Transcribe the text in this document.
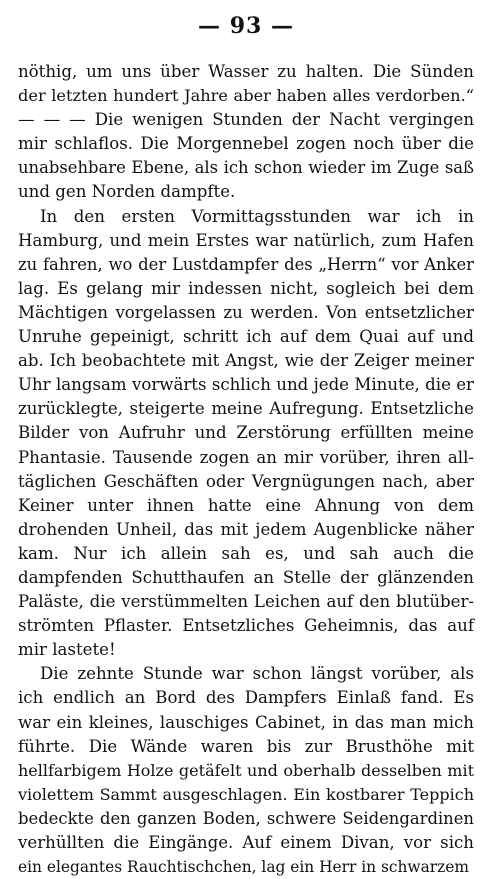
— 93 —
nöthig, um uns über Wasser zu halten. Die Sünden
der letzten hundert Jahre aber haben alles verdorben.“
— — — Die wenigen Stunden der Nacht vergingen
mir schlaflos. Die Morgennebel zogen noch über die
unabsehbare Ebene, als ich schon wieder im Zuge saß
und gen Norden dampfte.
In den ersten Vormittagsstunden war ich in
Hamburg, und mein Erstes war natürlich, zum Hafen
zu fahren, wo der Lustdampfer des „Herrn“ vor Anker
lag. Es gelang mir indessen nicht, sogleich bei dem
Mächtigen vorgelassen zu werden. Von entsetzlicher
Unruhe gepeinigt, schritt ich auf dem Quai auf und
ab. Ich beobachtete mit Angst, wie der Zeiger meiner
Uhr langsam vorwärts schlich und jede Minute, die er
zurücklegte, steigerte meine Aufregung. Entsetzliche
Bilder von Aufruhr und Zerstörung erfüllten meine
Phantasie. Tausende zogen an mir vorüber, ihren all-
täglichen Geschäften oder Vergnügungen nach, aber
Keiner unter ihnen hatte eine Ahnung von dem
drohenden Unheil, das mit jedem Augenblicke näher
kam. Nur ich allein sah es, und sah auch die
dampfenden Schutthaufen an Stelle der glänzenden
Paläste, die verstümmelten Leichen auf den blutüber-
strömten Pflaster. Entsetzliches Geheimnis, das auf
mir lastete!
Die zehnte Stunde war schon längst vorüber, als
ich endlich an Bord des Dampfers Einlaß fand. Es
war ein kleines, lauschiges Cabinet, in das man mich
führte. Die Wände waren bis zur Brusthöhe mit
hellfarbigem Holze getäfelt und oberhalb desselben mit
violettem Sammt ausgeschlagen. Ein kostbarer Teppich
bedeckte den ganzen Boden, schwere Seidengardinen
verhüllten die Eingänge. Auf einem Divan, vor sich
ein elegantes Rauchtischchen, lag ein Herr in schwarzem
